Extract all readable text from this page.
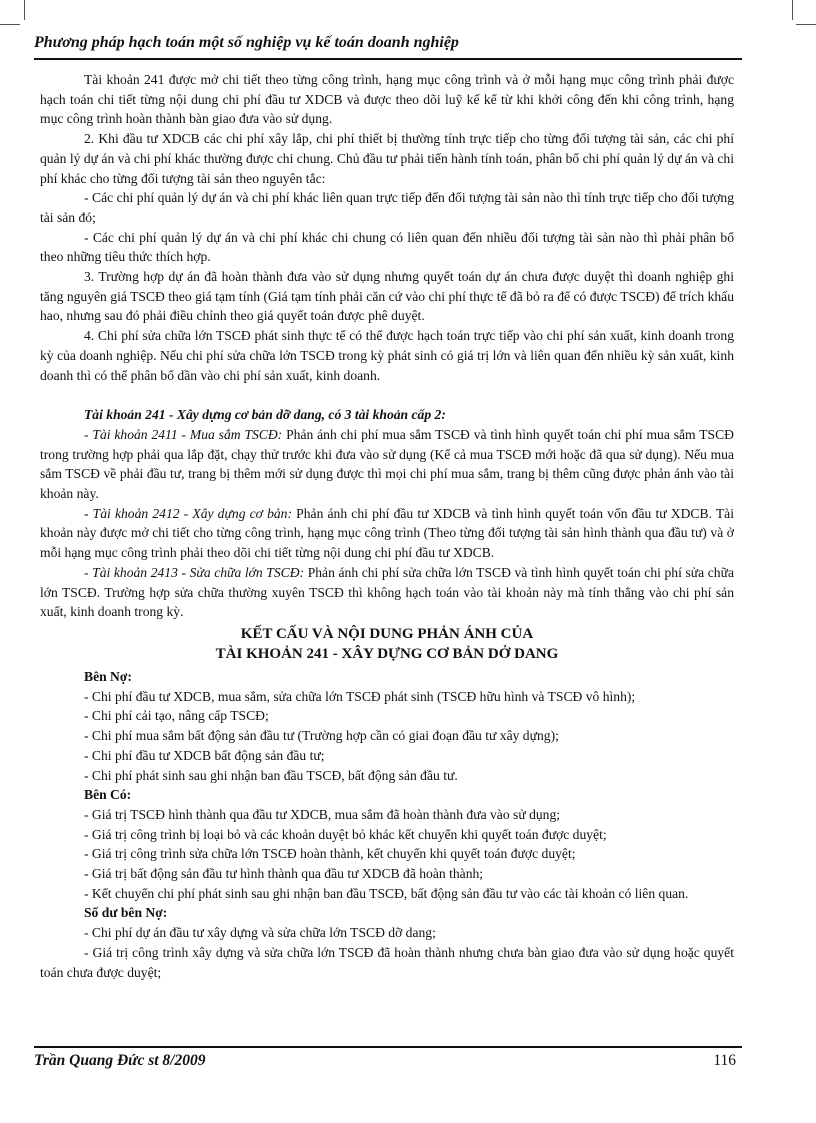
Phương pháp hạch toán một số nghiệp vụ kế toán doanh nghiệp

Tài khoản 241 được mở chi tiết theo từng công trình, hạng mục công trình và ở mỗi hạng mục công trình phải được hạch toán chi tiết từng nội dung chi phí đầu tư XDCB và được theo dõi luỹ kế kể từ khi khởi công đến khi công trình, hạng mục công trình hoàn thành bàn giao đưa vào sử dụng.

2. Khi đầu tư XDCB các chi phí xây lắp, chi phí thiết bị thường tính trực tiếp cho từng đối tượng tài sản, các chi phí quản lý dự án và chi phí khác thường được chi chung. Chủ đầu tư phải tiến hành tính toán, phân bổ chi phí quản lý dự án và chi phí khác cho từng đối tượng tài sản theo nguyên tắc:

- Các chi phí quản lý dự án và chi phí khác liên quan trực tiếp đến đối tượng tài sản nào thì tính trực tiếp cho đối tượng tài sản đó;

- Các chi phí quản lý dự án và chi phí khác chi chung có liên quan đến nhiều đối tượng tài sản nào thì phải phân bổ theo những tiêu thức thích hợp.

3. Trường hợp dự án đã hoàn thành đưa vào sử dụng nhưng quyết toán dự án chưa được duyệt thì doanh nghiệp ghi tăng nguyên giá TSCĐ theo giá tạm tính (Giá tạm tính phải căn cứ vào chi phí thực tế đã bỏ ra để có được TSCĐ) để trích khấu hao, nhưng sau đó phải điều chỉnh theo giá quyết toán được phê duyệt.

4. Chi phí sửa chữa lớn TSCĐ phát sinh thực tế có thể được hạch toán trực tiếp vào chi phí sản xuất, kinh doanh trong kỳ của doanh nghiệp. Nếu chi phí sửa chữa lớn TSCĐ trong kỳ phát sinh có giá trị lớn và liên quan đến nhiều kỳ sản xuất, kinh doanh thì có thể phân bổ dần vào chi phí sản xuất, kinh doanh.

Tài khoản 241 - Xây dựng cơ bản dỡ dang, có 3 tài khoản cấp 2:

- Tài khoản 2411 - Mua sắm TSCĐ: Phản ánh chi phí mua sắm TSCĐ và tình hình quyết toán chi phí mua sắm TSCĐ trong trường hợp phải qua lắp đặt, chạy thử trước khi đưa vào sử dụng (Kể cả mua TSCĐ mới hoặc đã qua sử dụng). Nếu mua sắm TSCĐ về phải đầu tư, trang bị thêm mới sử dụng được thì mọi chi phí mua sắm, trang bị thêm cũng được phản ánh vào tài khoản này.

- Tài khoản 2412 - Xây dựng cơ bản: Phản ánh chi phí đầu tư XDCB và tình hình quyết toán vốn đầu tư XDCB. Tài khoản này được mở chi tiết cho từng công trình, hạng mục công trình (Theo từng đối tượng tài sản hình thành qua đầu tư) và ở mỗi hạng mục công trình phải theo dõi chi tiết từng nội dung chi phí đầu tư XDCB.

- Tài khoản 2413 - Sửa chữa lớn TSCĐ: Phản ánh chi phí sửa chữa lớn TSCĐ và tình hình quyết toán chi phí sửa chữa lớn TSCĐ. Trường hợp sửa chữa thường xuyên TSCĐ thì không hạch toán vào tài khoản này mà tính thẳng vào chi phí sản xuất, kinh doanh trong kỳ.

KẾT CẤU VÀ NỘI DUNG PHẢN ÁNH CỦA
TÀI KHOẢN 241 - XÂY DỰNG CƠ BẢN DỞ DANG

Bên Nợ:

- Chi phí đầu tư XDCB, mua sắm, sửa chữa lớn TSCĐ phát sinh (TSCĐ hữu hình và TSCĐ vô hình);

- Chi phí cải tạo, nâng cấp TSCĐ;

- Chi phí mua sắm bất động sản đầu tư (Trường hợp cần có giai đoạn đầu tư xây dựng);

- Chi phí đầu tư XDCB bất động sản đầu tư;

- Chi phí phát sinh sau ghi nhận ban đầu TSCĐ, bất động sản đầu tư.

Bên Có:

- Giá trị TSCĐ hình thành qua đầu tư XDCB, mua sắm đã hoàn thành đưa vào sử dụng;

- Giá trị công trình bị loại bỏ và các khoản duyệt bỏ khác kết chuyển khi quyết toán được duyệt;

- Giá trị công trình sửa chữa lớn TSCĐ hoàn thành, kết chuyển khi quyết toán được duyệt;

- Giá trị bất động sản đầu tư hình thành qua đầu tư XDCB đã hoàn thành;

- Kết chuyển chi phí phát sinh sau ghi nhận ban đầu TSCĐ, bất động sản đầu tư vào các tài khoản có liên quan.

Số dư bên Nợ:

- Chi phí dự án đầu tư xây dựng và sửa chữa lớn TSCĐ dỡ dang;

- Giá trị công trình xây dựng và sửa chữa lớn TSCĐ đã hoàn thành nhưng chưa bàn giao đưa vào sử dụng hoặc quyết toán chưa được duyệt;

Trần Quang Đức st 8/2009	116
